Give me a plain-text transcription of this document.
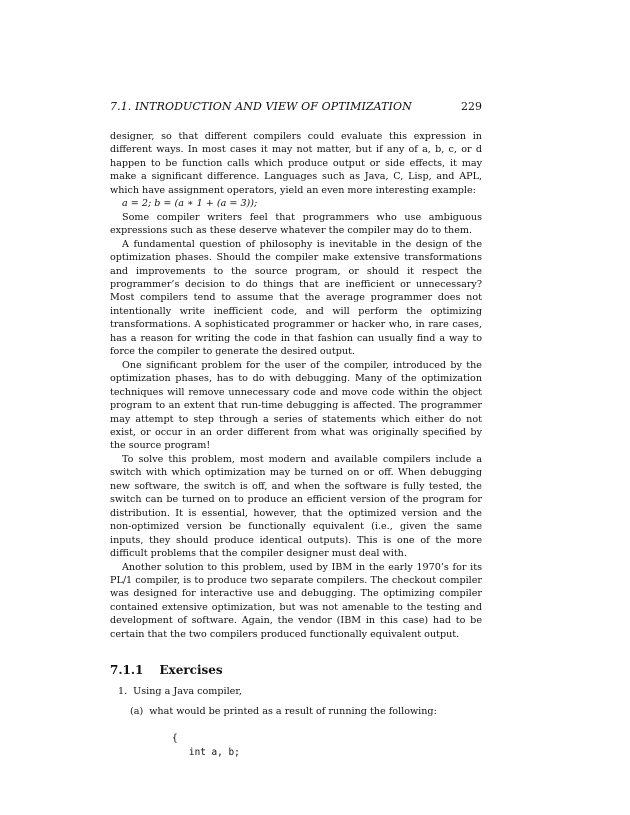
7.1. INTRODUCTION AND VIEW OF OPTIMIZATION	229

designer, so that different compilers could evaluate this expression in different ways. In most cases it may not matter, but if any of a, b, c, or d happen to be function calls which produce output or side effects, it may make a significant difference. Languages such as Java, C, Lisp, and APL, which have assignment operators, yield an even more interesting example:

a = 2; b = (a ∗ 1 + (a = 3));

Some compiler writers feel that programmers who use ambiguous expressions such as these deserve whatever the compiler may do to them.

A fundamental question of philosophy is inevitable in the design of the optimization phases. Should the compiler make extensive transformations and improvements to the source program, or should it respect the programmer’s decision to do things that are inefficient or unnecessary? Most compilers tend to assume that the average programmer does not intentionally write inefficient code, and will perform the optimizing transformations. A sophisticated programmer or hacker who, in rare cases, has a reason for writing the code in that fashion can usually find a way to force the compiler to generate the desired output.

One significant problem for the user of the compiler, introduced by the optimization phases, has to do with debugging. Many of the optimization techniques will remove unnecessary code and move code within the object program to an extent that run-time debugging is affected. The programmer may attempt to step through a series of statements which either do not exist, or occur in an order different from what was originally specified by the source program!

To solve this problem, most modern and available compilers include a switch with which optimization may be turned on or off. When debugging new software, the switch is off, and when the software is fully tested, the switch can be turned on to produce an efficient version of the program for distribution. It is essential, however, that the optimized version and the non-optimized version be functionally equivalent (i.e., given the same inputs, they should produce identical outputs). This is one of the more difficult problems that the compiler designer must deal with.

Another solution to this problem, used by IBM in the early 1970’s for its PL/1 compiler, is to produce two separate compilers. The checkout compiler was designed for interactive use and debugging. The optimizing compiler contained extensive optimization, but was not amenable to the testing and development of software. Again, the vendor (IBM in this case) had to be certain that the two compilers produced functionally equivalent output.

7.1.1 Exercises
1. Using a Java compiler,
(a) what would be printed as a result of running the following:
{
int a, b;
